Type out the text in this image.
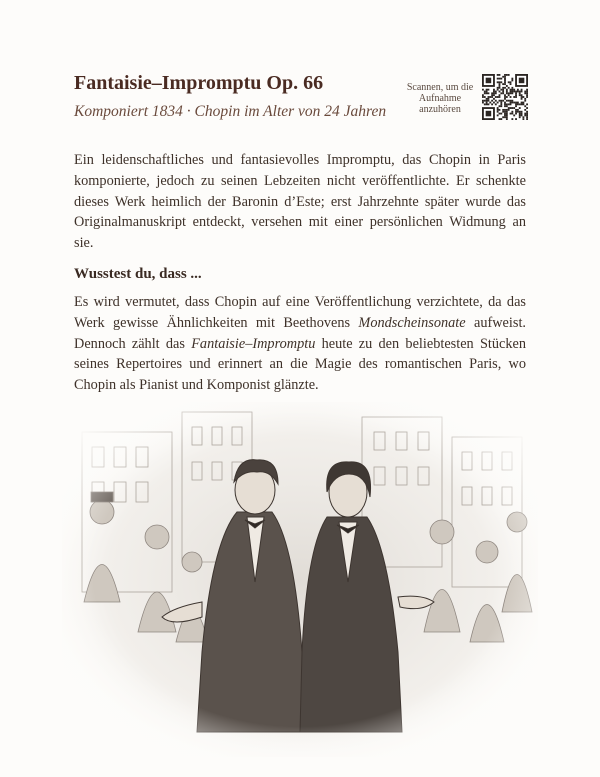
Fantaisie–Impromptu Op. 66

Komponiert 1834 · Chopin im Alter von 24 Jahren

Scannen, um die Aufnahme anzuhören

Ein leidenschaftliches und fantasievolles Impromptu, das Chopin in Paris komponierte, jedoch zu seinen Lebzeiten nicht veröffentlichte. Er schenkte dieses Werk heimlich der Baronin d’Este; erst Jahrzehnte später wurde das Originalmanuskript entdeckt, versehen mit einer persönlichen Widmung an sie.

Wusstest du, dass ...

Es wird vermutet, dass Chopin auf eine Veröffentlichung verzichtete, da das Werk gewisse Ähnlichkeiten mit Beethovens Mondscheinsonate aufweist. Dennoch zählt das Fantaisie–Impromptu heute zu den beliebtesten Stücken seines Repertoires und erinnert an die Magie des romantischen Paris, wo Chopin als Pianist und Komponist glänzte.
